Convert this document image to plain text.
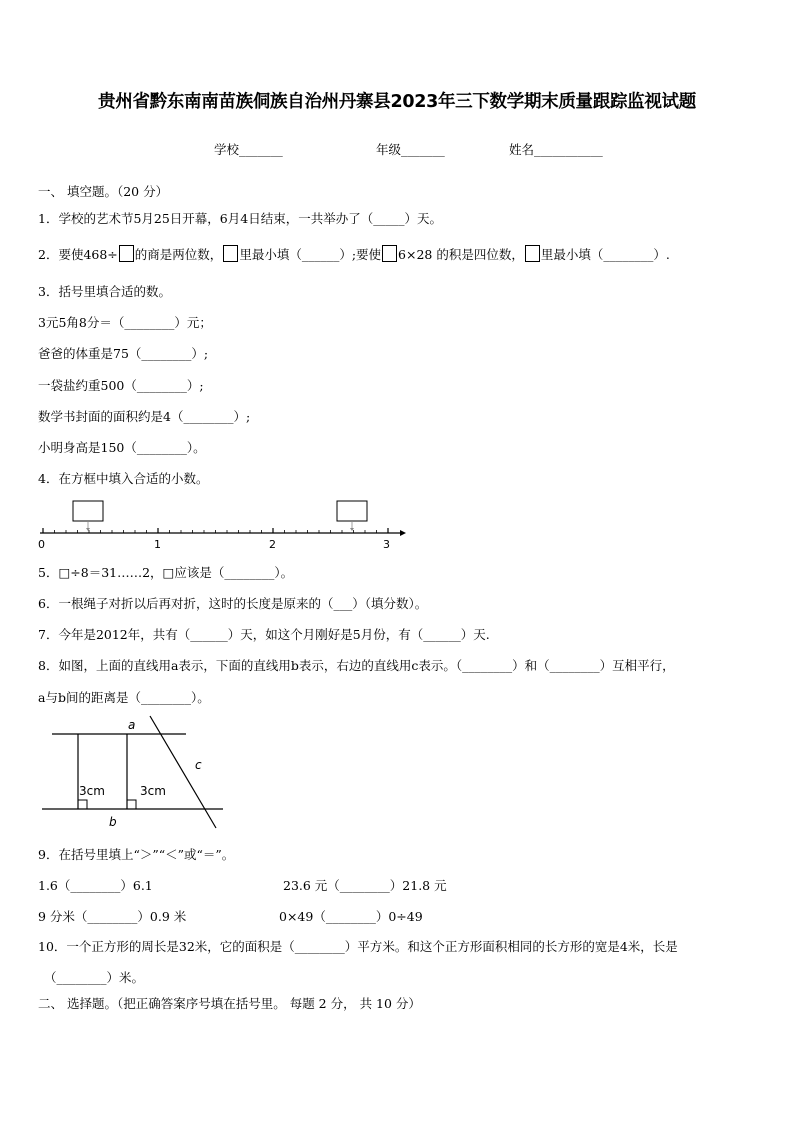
贵州省黔东南南苗族侗族自治州丹寨县2023年三下数学期末质量跟踪监视试题
学校_______	年级_______	姓名___________
一、 填空题。（20 分）
1．学校的艺术节5月25日开幕，6月4日结束，一共举办了（_____）天。
2．要使468÷ 的商是两位数， 里最小填（______）;要使 6×28 的积是四位数， 里最小填（________）.
3．括号里填合适的数。
3元5角8分＝（________）元；
爸爸的体重是75（________）;
一袋盐约重500（________）;
数学书封面的面积约是4（________）;
小明身高是150（________）。
4．在方框中填入合适的小数。
0	1	2	3
5．□÷8＝31……2，□应该是（________）。
6．一根绳子对折以后再对折，这时的长度是原来的（___）（填分数）。
7．今年是2012年，共有（______）天，如这个月刚好是5月份，有（______）天.
8．如图，上面的直线用a表示，下面的直线用b表示，右边的直线用c表示。（________）和（________）互相平行，
a与b间的距离是（________）。
3cm	3cm
a
b
c
9．在括号里填上“＞”“＜”或“＝”。
1.6（________）6.1	23.6 元（________）21.8 元
9 分米（________）0.9 米	0×49（________）0÷49
10．一个正方形的周长是32米，它的面积是（________）平方米。和这个正方形面积相同的长方形的宽是4米，长是
（________）米。
二、 选择题。（把正确答案序号填在括号里。 每题 2 分， 共 10 分）
